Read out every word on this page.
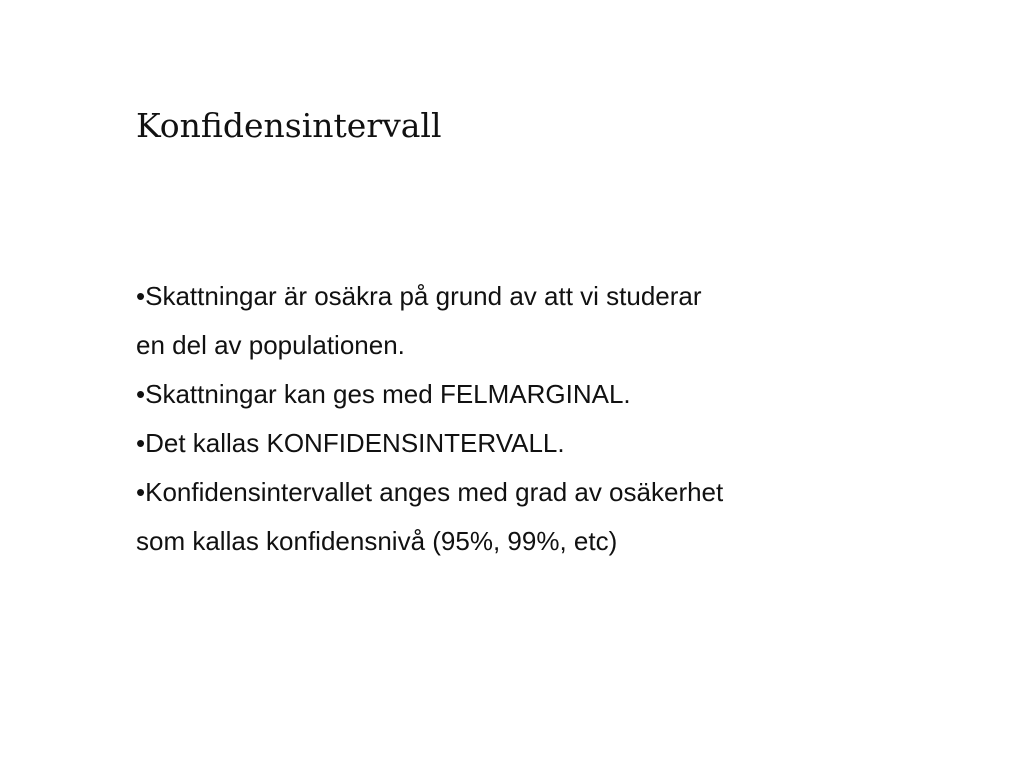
Konfidensintervall
•Skattningar är osäkra på grund av att vi studerar
en del av populationen.
•Skattningar kan ges med FELMARGINAL.
•Det kallas KONFIDENSINTERVALL.
•Konfidensintervallet anges med grad av osäkerhet
som kallas konfidensnivå (95%, 99%, etc)
